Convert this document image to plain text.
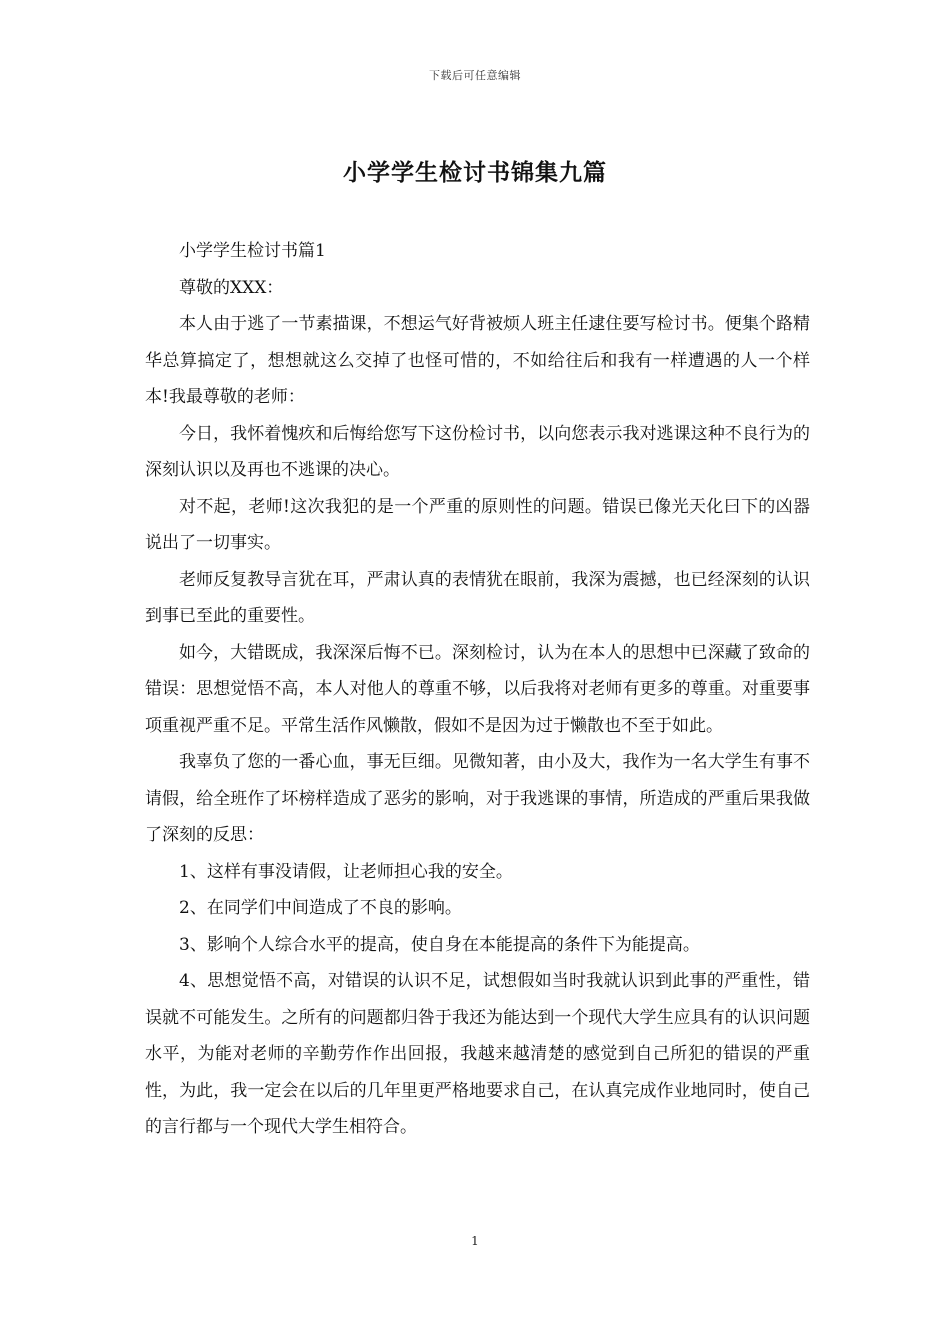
下载后可任意编辑
小学学生检讨书锦集九篇

小学学生检讨书篇1

尊敬的XXX：

本人由于逃了一节素描课，不想运气好背被烦人班主任逮住要写检讨书。便集个路精华总算搞定了，想想就这么交掉了也怪可惜的，不如给往后和我有一样遭遇的人一个样本!我最尊敬的老师：

今日，我怀着愧疚和后悔给您写下这份检讨书，以向您表示我对逃课这种不良行为的深刻认识以及再也不逃课的决心。

对不起，老师!这次我犯的是一个严重的原则性的问题。错误已像光天化曰下的凶器说出了一切事实。

老师反复教导言犹在耳，严肃认真的表情犹在眼前，我深为震撼，也已经深刻的认识到事已至此的重要性。

如今，大错既成，我深深后悔不已。深刻检讨，认为在本人的思想中已深藏了致命的错误：思想觉悟不高，本人对他人的尊重不够，以后我将对老师有更多的尊重。对重要事项重视严重不足。平常生活作风懒散，假如不是因为过于懒散也不至于如此。

我辜负了您的一番心血，事无巨细。见微知著，由小及大，我作为一名大学生有事不请假，给全班作了坏榜样造成了恶劣的影响，对于我逃课的事情，所造成的严重后果我做了深刻的反思：

1、这样有事没请假，让老师担心我的安全。

2、在同学们中间造成了不良的影响。

3、影响个人综合水平的提高，使自身在本能提高的条件下为能提高。

4、思想觉悟不高，对错误的认识不足，试想假如当时我就认识到此事的严重性，错误就不可能发生。之所有的问题都归咎于我还为能达到一个现代大学生应具有的认识问题水平，为能对老师的辛勤劳作作出回报，我越来越清楚的感觉到自己所犯的错误的严重性，为此，我一定会在以后的几年里更严格地要求自己，在认真完成作业地同时，使自己的言行都与一个现代大学生相符合。

1
